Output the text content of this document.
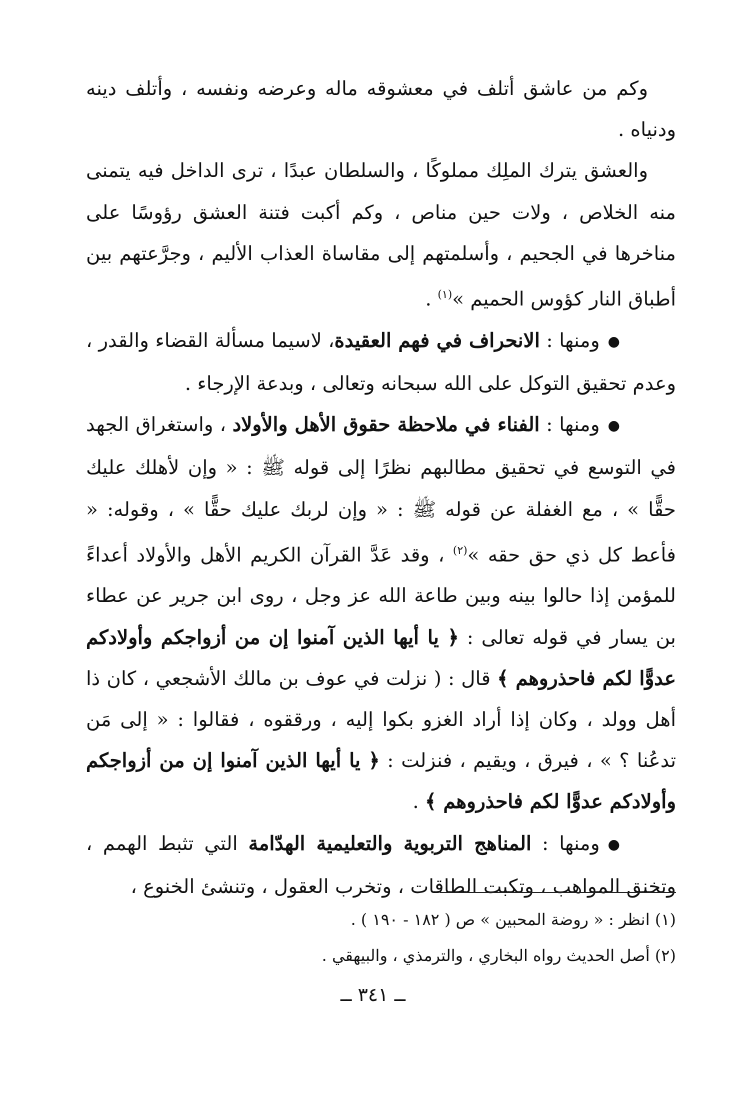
وكم من عاشق أتلف في معشوقه ماله وعرضه ونفسه ، وأتلف دينه ودنياه .

والعشق يترك الملِك مملوكًا ، والسلطان عبدًا ، ترى الداخل فيه يتمنى منه الخلاص ، ولات حين مناص ، وكم أكبت فتنة العشق رؤوسًا على مناخرها في الجحيم ، وأسلمتهم إلى مقاساة العذاب الأليم ، وجرَّعتهم بين أطباق النار كؤوس الحميم »$^{(١)}$ .

●ومنها : الانحراف في فهم العقيدة، لاسيما مسألة القضاء والقدر ، وعدم تحقيق التوكل على الله سبحانه وتعالى ، وبدعة الإرجاء .

●ومنها : الفناء في ملاحظة حقوق الأهل والأولاد ، واستغراق الجهد في التوسع في تحقيق مطالبهم نظرًا إلى قوله ﷺ : « وإن لأهلك عليك حقًّا » ، مع الغفلة عن قوله ﷺ : « وإن لربك عليك حقًّا » ، وقوله: « فأعط كل ذي حق حقه »$^{(٢)}$ ، وقد عَدَّ القرآن الكريم الأهل والأولاد أعداءً للمؤمن إذا حالوا بينه وبين طاعة الله عز وجل ، روى ابن جرير عن عطاء بن يسار في قوله تعالى : ﴿ يا أيها الذين آمنوا إن من أزواجكم وأولادكم عدوًّا لكم فاحذروهم ﴾ قال : ( نزلت في عوف بن مالك الأشجعي ، كان ذا أهل وولد ، وكان إذا أراد الغزو بكوا إليه ، ورققوه ، فقالوا : « إلى مَن تدعُنا ؟ » ، فيرق ، ويقيم ، فنزلت : ﴿ يا أيها الذين آمنوا إن من أزواجكم وأولادكم عدوًّا لكم فاحذروهم ﴾ .

●ومنها : المناهج التربوية والتعليمية الهدّامة التي تثبط الهمم ، وتخنق المواهب ، وتكبت الطاقات ، وتخرب العقول ، وتنشئ الخنوع ،

(١) انظر : « روضة المحبين » ص ( ١٨٢ - ١٩٠ ) .

(٢) أصل الحديث رواه البخاري ، والترمذي ، والبيهقي .

ــ ٣٤١ ــ
